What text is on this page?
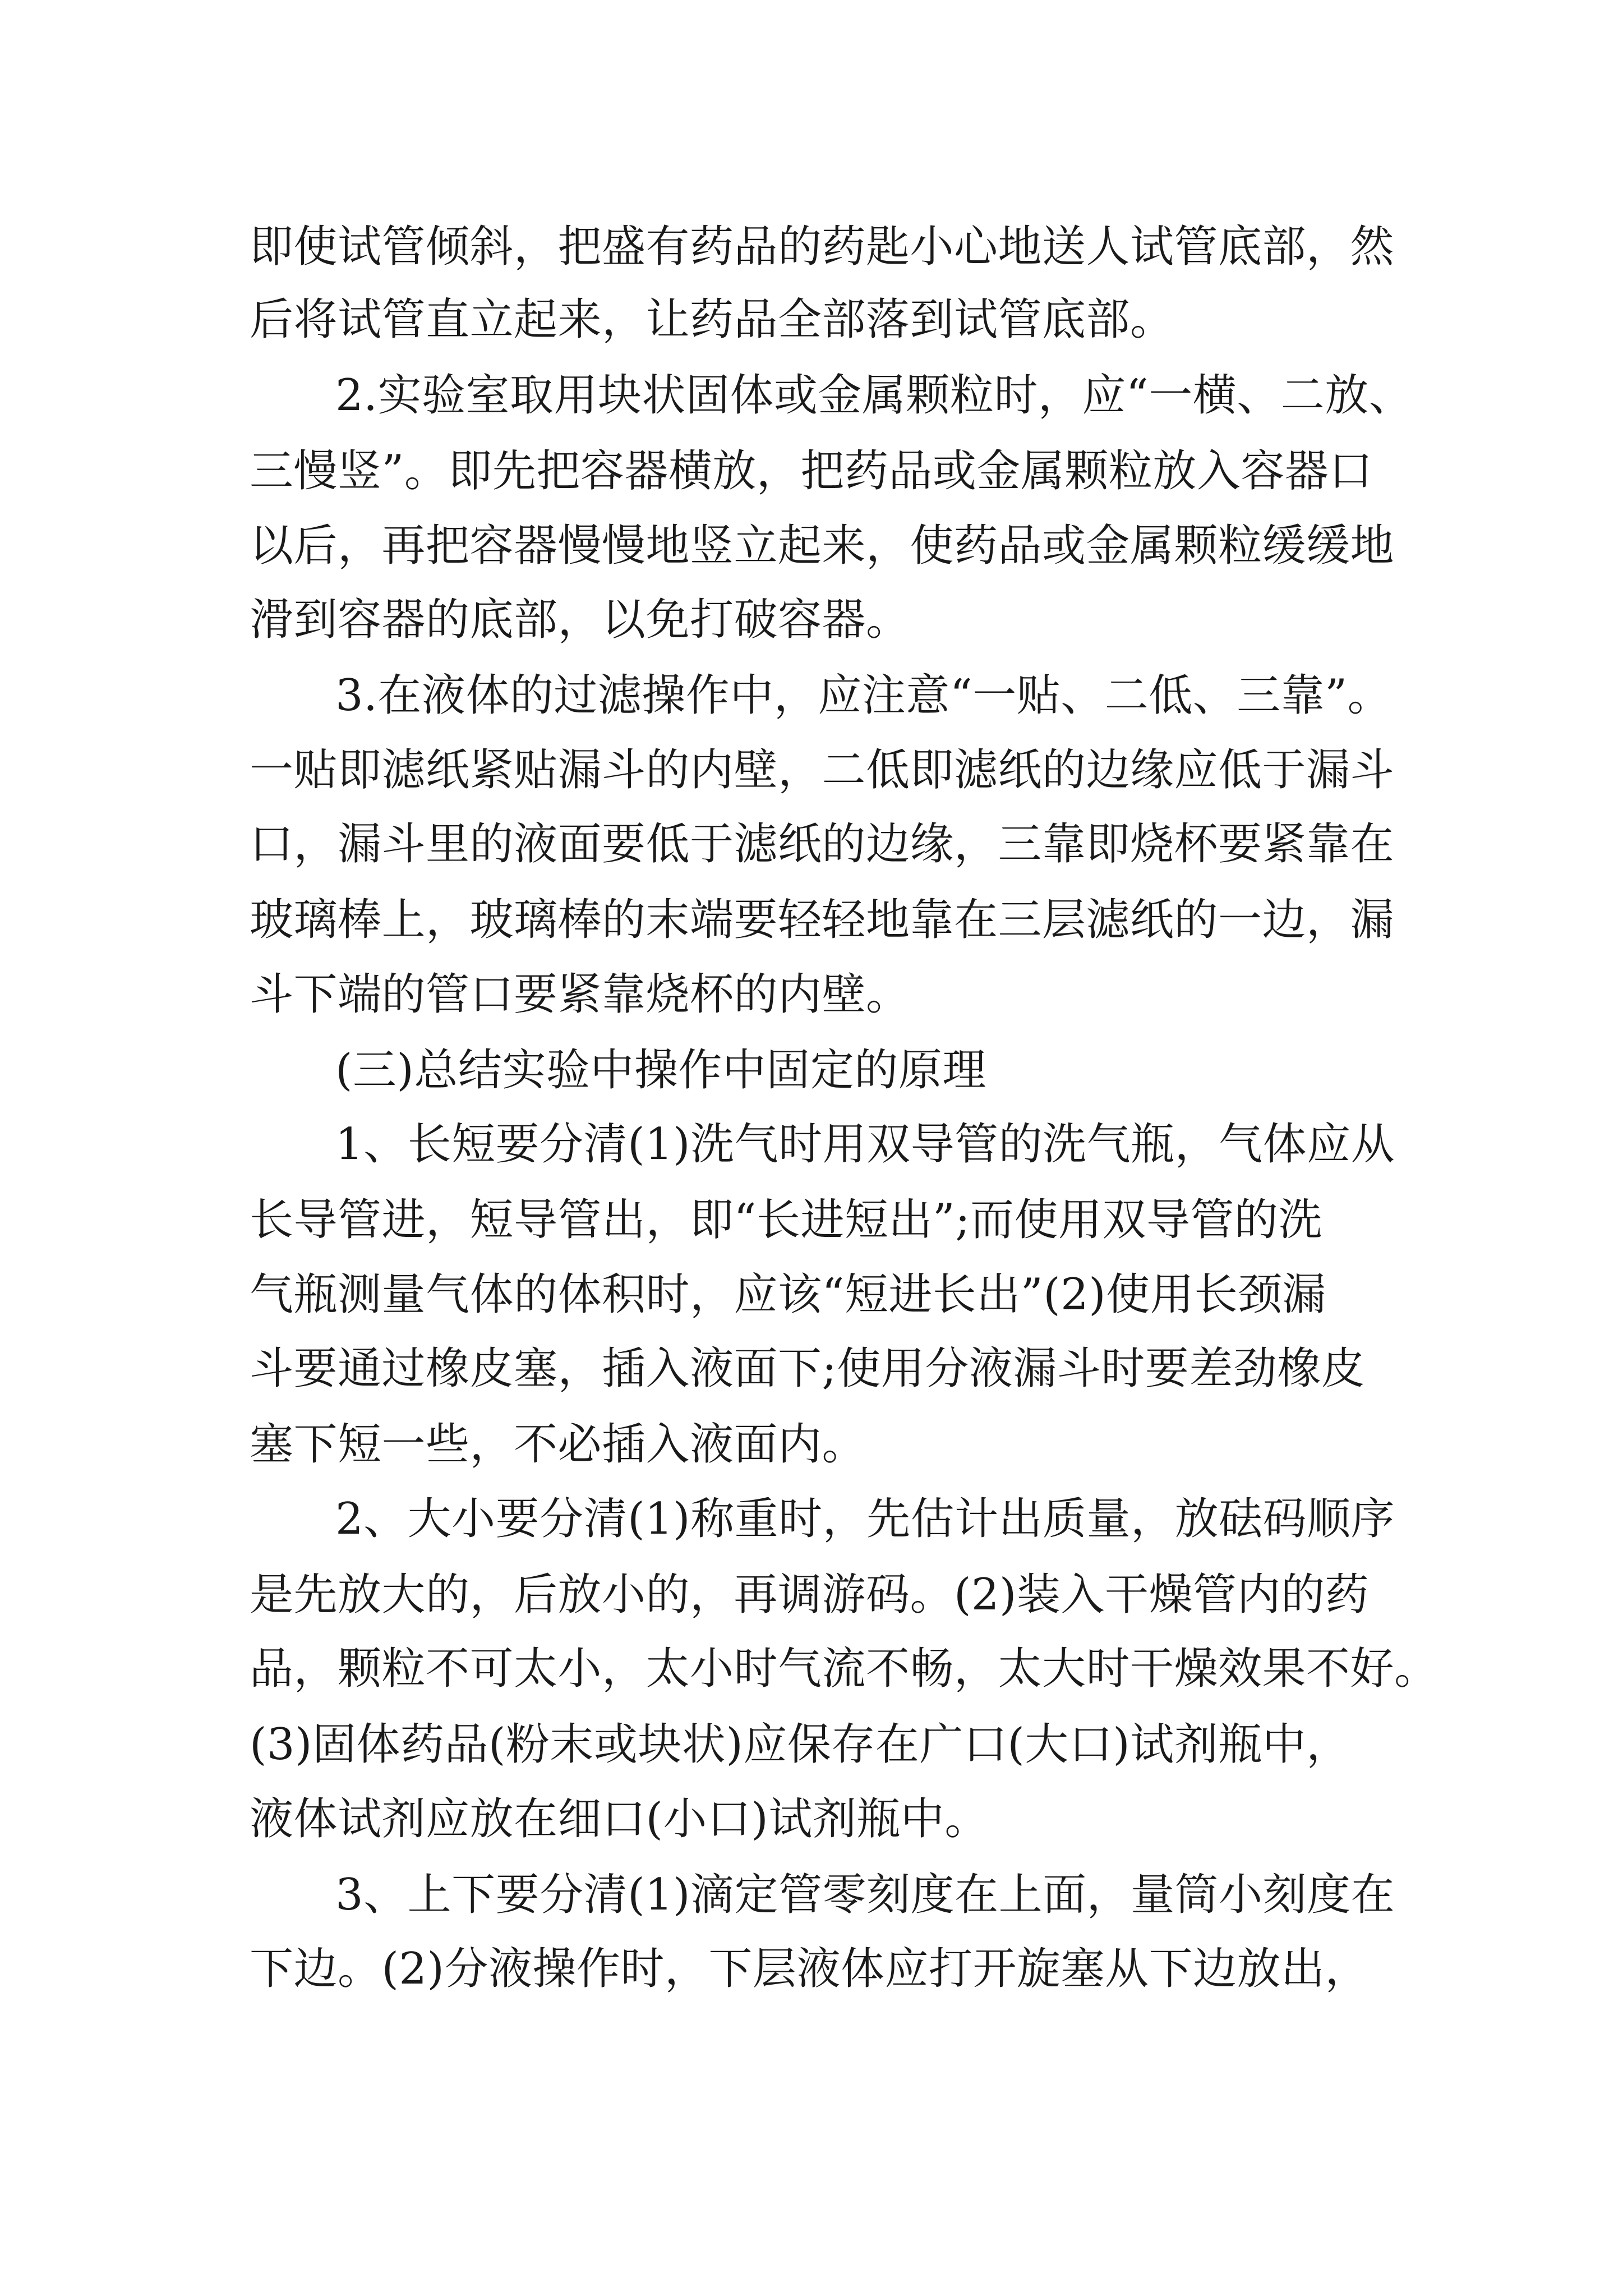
即使试管倾斜，把盛有药品的药匙小心地送人试管底部，然
后将试管直立起来，让药品全部落到试管底部。
2.实验室取用块状固体或金属颗粒时，应“一横、二放、
三慢竖”。即先把容器横放，把药品或金属颗粒放入容器口
以后，再把容器慢慢地竖立起来，使药品或金属颗粒缓缓地
滑到容器的底部，以免打破容器。
3.在液体的过滤操作中，应注意“一贴、二低、三靠”。
一贴即滤纸紧贴漏斗的内壁，二低即滤纸的边缘应低于漏斗
口，漏斗里的液面要低于滤纸的边缘，三靠即烧杯要紧靠在
玻璃棒上，玻璃棒的末端要轻轻地靠在三层滤纸的一边，漏
斗下端的管口要紧靠烧杯的内壁。
(三)总结实验中操作中固定的原理
1、长短要分清(1)洗气时用双导管的洗气瓶，气体应从
长导管进，短导管出，即“长进短出”;而使用双导管的洗
气瓶测量气体的体积时，应该“短进长出”(2)使用长颈漏
斗要通过橡皮塞，插入液面下;使用分液漏斗时要差劲橡皮
塞下短一些，不必插入液面内。
2、大小要分清(1)称重时，先估计出质量，放砝码顺序
是先放大的，后放小的，再调游码。(2)装入干燥管内的药
品，颗粒不可太小，太小时气流不畅，太大时干燥效果不好。
(3)固体药品(粉末或块状)应保存在广口(大口)试剂瓶中，
液体试剂应放在细口(小口)试剂瓶中。
3、上下要分清(1)滴定管零刻度在上面，量筒小刻度在
下边。(2)分液操作时，下层液体应打开旋塞从下边放出，
